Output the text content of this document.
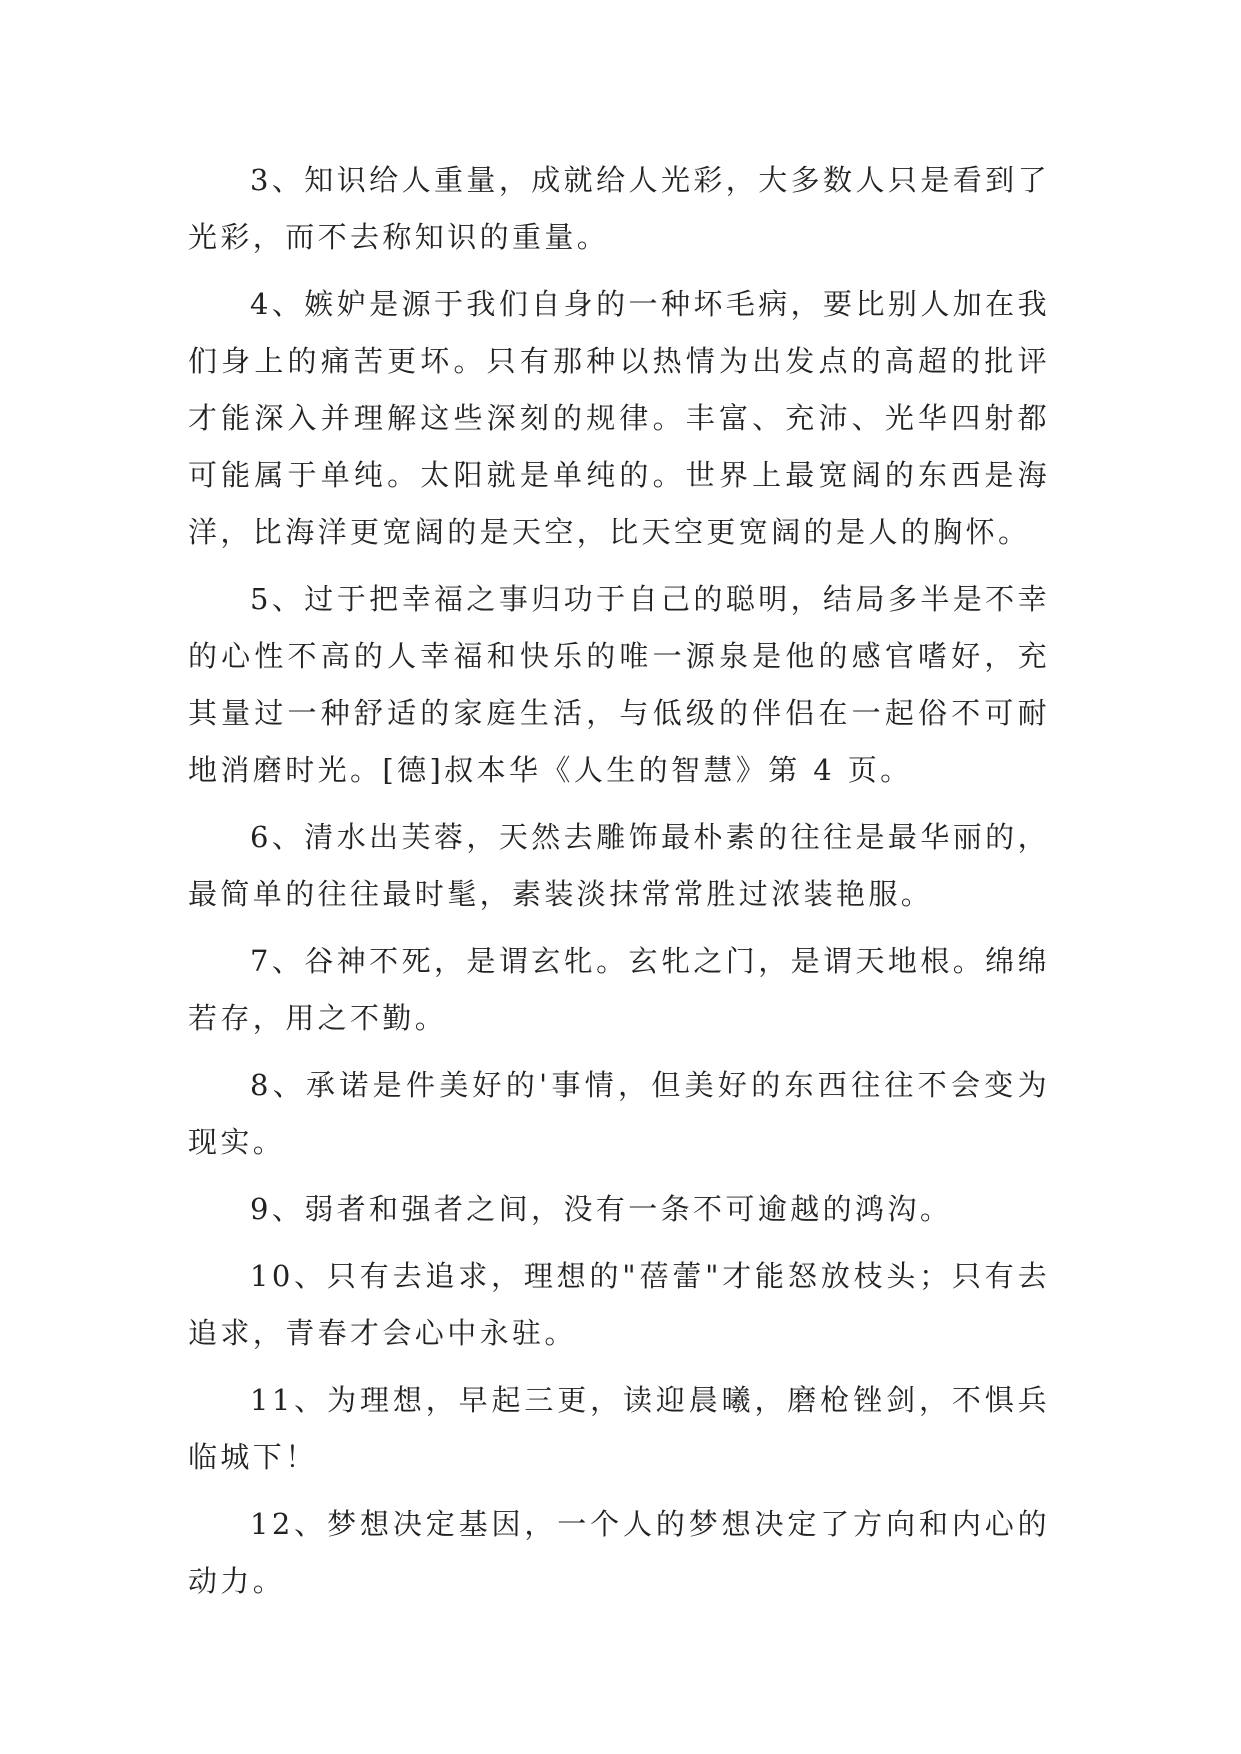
3、知识给人重量，成就给人光彩，大多数人只是看到了光彩，而不去称知识的重量。

4、嫉妒是源于我们自身的一种坏毛病，要比别人加在我们身上的痛苦更坏。只有那种以热情为出发点的高超的批评才能深入并理解这些深刻的规律。丰富、充沛、光华四射都可能属于单纯。太阳就是单纯的。世界上最宽阔的东西是海洋，比海洋更宽阔的是天空，比天空更宽阔的是人的胸怀。

5、过于把幸福之事归功于自己的聪明，结局多半是不幸的心性不高的人幸福和快乐的唯一源泉是他的感官嗜好，充其量过一种舒适的家庭生活，与低级的伴侣在一起俗不可耐地消磨时光。[德]叔本华《人生的智慧》第 4 页。

6、清水出芙蓉，天然去雕饰最朴素的往往是最华丽的，最简单的往往最时髦，素装淡抹常常胜过浓装艳服。

7、谷神不死，是谓玄牝。玄牝之门，是谓天地根。绵绵若存，用之不勤。

8、承诺是件美好的'事情，但美好的东西往往不会变为现实。

9、弱者和强者之间，没有一条不可逾越的鸿沟。

10、只有去追求，理想的"蓓蕾"才能怒放枝头；只有去追求，青春才会心中永驻。

11、为理想，早起三更，读迎晨曦，磨枪锉剑，不惧兵临城下！

12、梦想决定基因，一个人的梦想决定了方向和内心的动力。
